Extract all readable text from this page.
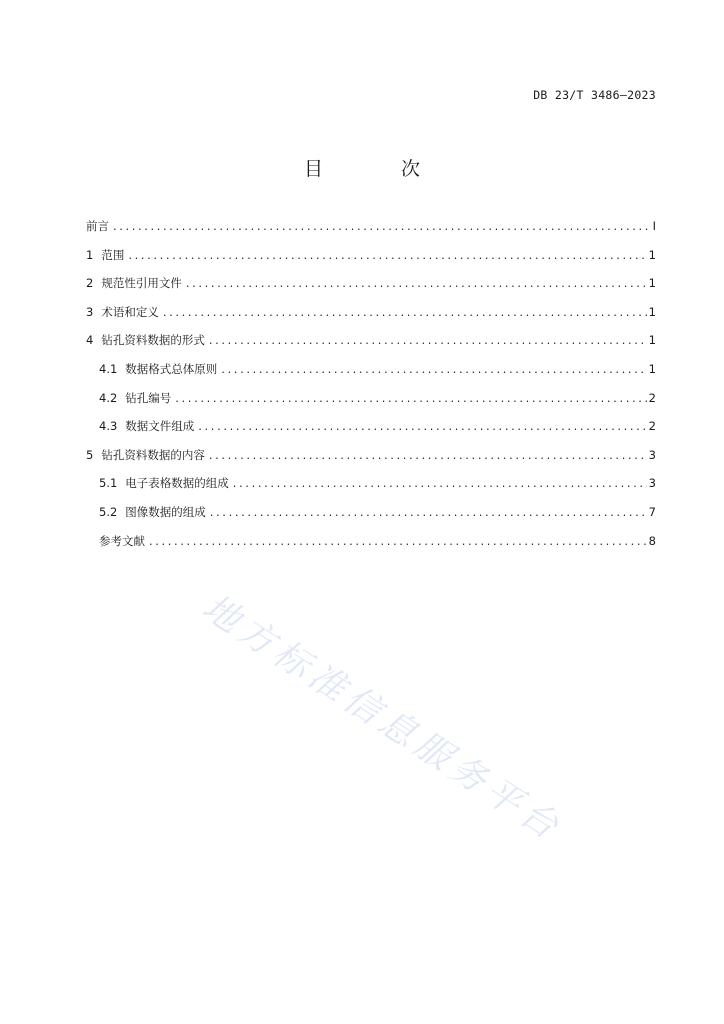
DB 23/T 3486—2023
目 次
前言 .....	I
1 范围 .....	1
2 规范性引用文件 .....	1
3 术语和定义 .....	1
4 钻孔资料数据的形式 .....	1
4.1 数据格式总体原则 .....	1
4.2 钻孔编号 .....	2
4.3 数据文件组成 .....	2
5 钻孔资料数据的内容 .....	3
5.1 电子表格数据的组成 .....	3
5.2 图像数据的组成 .....	7
参考文献 .....	8
地方标准信息服务平台
